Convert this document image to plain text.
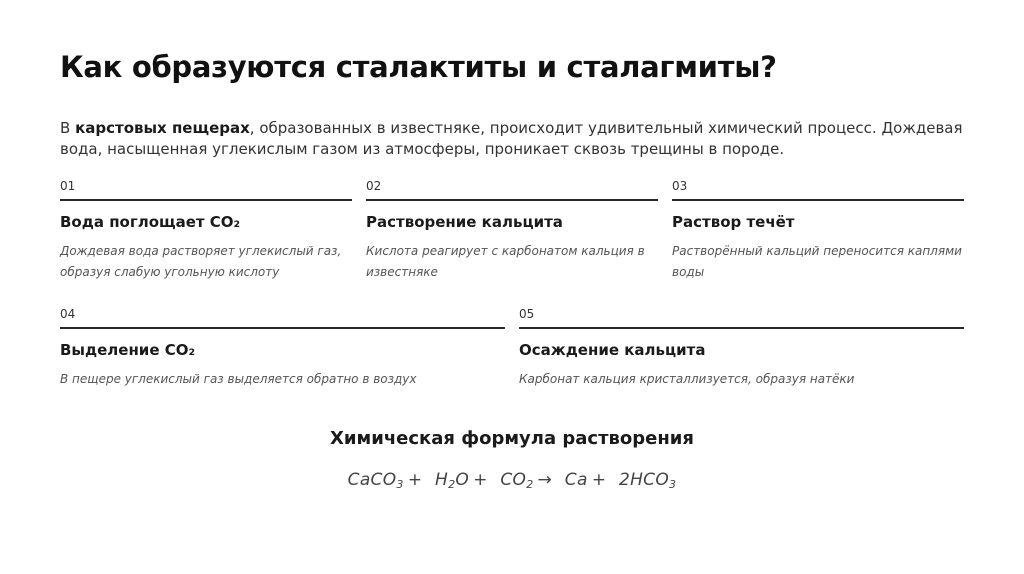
Как образуются сталактиты и сталагмиты?

В карстовых пещерах, образованных в известняке, происходит удивительный химический процесс. Дождевая вода, насыщенная углекислым газом из атмосферы, проникает сквозь трещины в породе.

01
Вода поглощает CO₂
Дождевая вода растворяет углекислый газ, образуя слабую угольную кислоту
02
Растворение кальцита
Кислота реагирует с карбонатом кальция в известняке
03
Раствор течёт
Растворённый кальций переносится каплями воды
04
Выделение CO₂
В пещере углекислый газ выделяется обратно в воздух
05
Осаждение кальцита
Карбонат кальция кристаллизуется, образуя натёки
Химическая формула растворения
CaCO$_3$ + $H_2O + CO_2 \to Ca + 2HCO_3$
